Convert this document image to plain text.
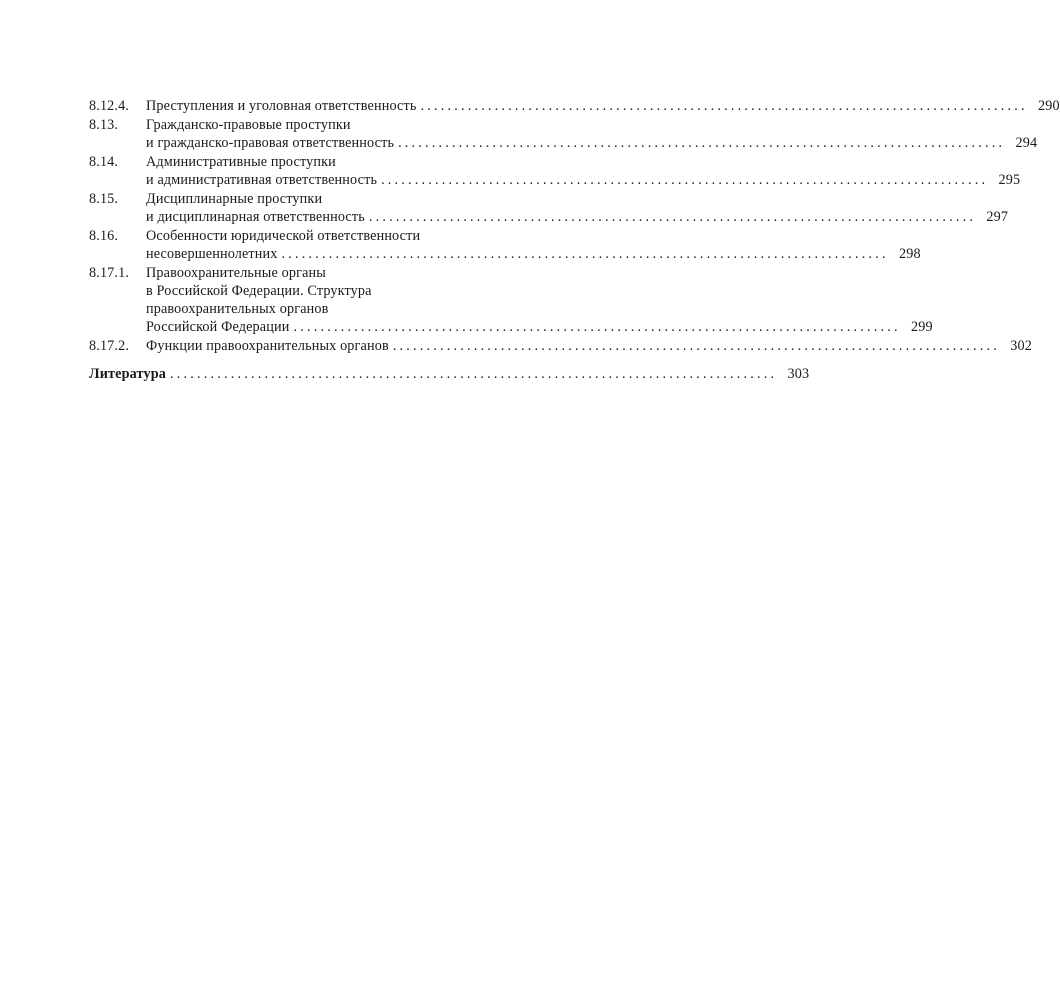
8.12.4.	Преступления и уголовная ответственность .......................................................................................... 290
8.13.	Гражданско-правовые проступки
и гражданско-правовая ответственность .......................................................................................... 294
8.14.	Административные проступки
и административная ответственность .......................................................................................... 295
8.15.	Дисциплинарные проступки
и дисциплинарная ответственность .......................................................................................... 297
8.16.	Особенности юридической ответственности
несовершеннолетних .......................................................................................... 298
8.17.1.	Правоохранительные органы
в Российской Федерации. Структура
правоохранительных органов
Российской Федерации .......................................................................................... 299
8.17.2.	Функции правоохранительных органов .......................................................................................... 302
Литература .......................................................................................... 303
